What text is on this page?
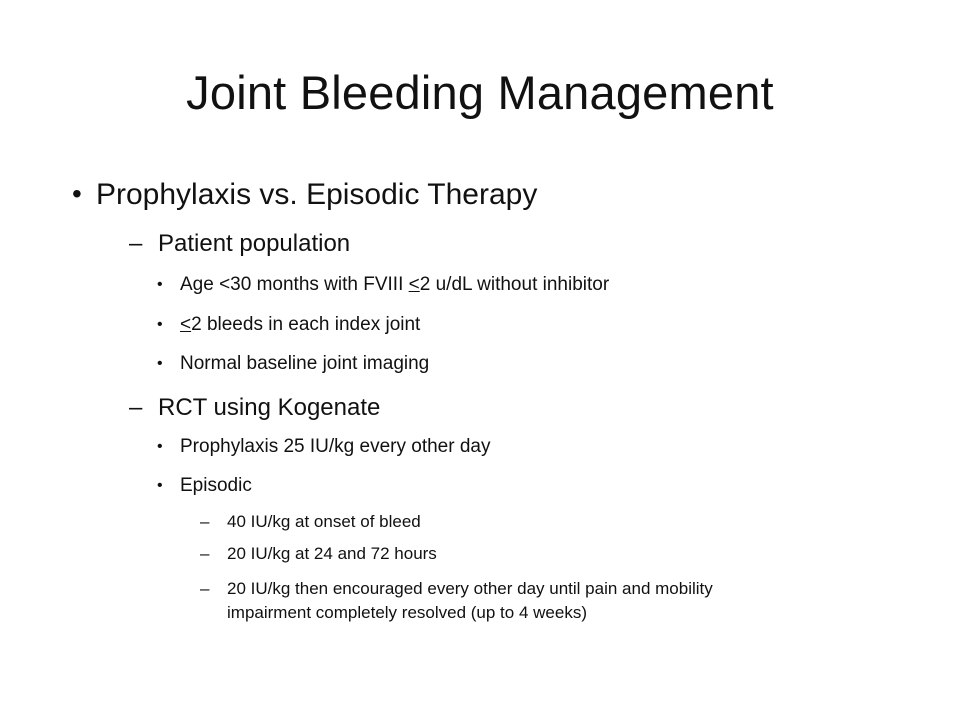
Joint Bleeding Management
• Prophylaxis vs. Episodic Therapy
– Patient population
• Age <30 months with FVIII ≤2 u/dL without inhibitor
• ≤2 bleeds in each index joint
• Normal baseline joint imaging
– RCT using Kogenate
• Prophylaxis 25 IU/kg every other day
• Episodic
– 40 IU/kg at onset of bleed
– 20 IU/kg at 24 and 72 hours
– 20 IU/kg then encouraged every other day until pain and mobility
impairment completely resolved (up to 4 weeks)
